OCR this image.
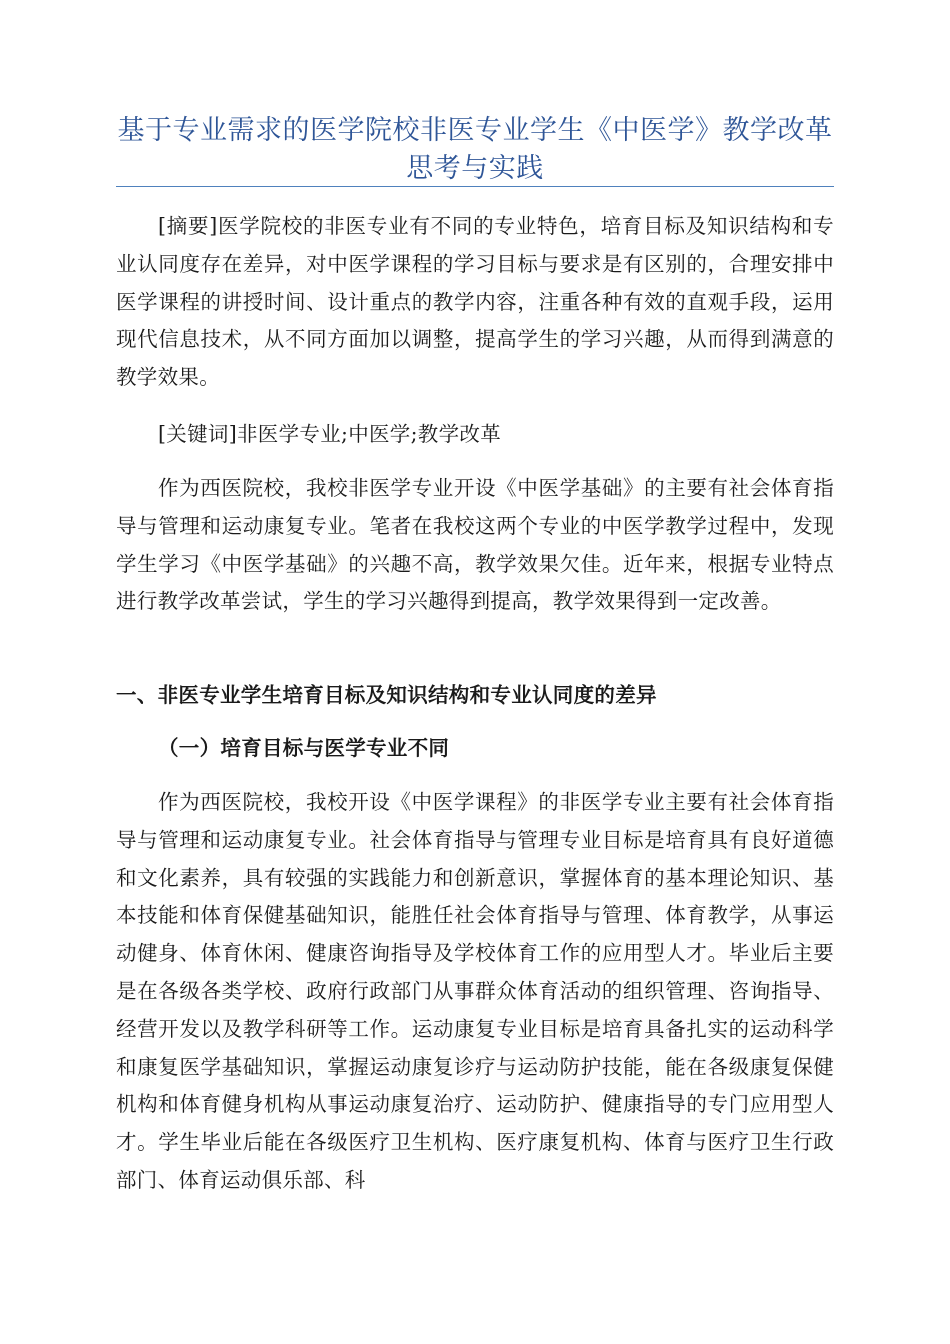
基于专业需求的医学院校非医专业学生《中医学》教学改革思考与实践

[摘要]医学院校的非医专业有不同的专业特色，培育目标及知识结构和专业认同度存在差异，对中医学课程的学习目标与要求是有区别的，合理安排中医学课程的讲授时间、设计重点的教学内容，注重各种有效的直观手段，运用现代信息技术，从不同方面加以调整，提高学生的学习兴趣，从而得到满意的教学效果。

[关键词]非医学专业;中医学;教学改革

作为西医院校，我校非医学专业开设《中医学基础》的主要有社会体育指导与管理和运动康复专业。笔者在我校这两个专业的中医学教学过程中，发现学生学习《中医学基础》的兴趣不高，教学效果欠佳。近年来，根据专业特点进行教学改革尝试，学生的学习兴趣得到提高，教学效果得到一定改善。

一、非医专业学生培育目标及知识结构和专业认同度的差异
（一）培育目标与医学专业不同

作为西医院校，我校开设《中医学课程》的非医学专业主要有社会体育指导与管理和运动康复专业。社会体育指导与管理专业目标是培育具有良好道德和文化素养，具有较强的实践能力和创新意识，掌握体育的基本理论知识、基本技能和体育保健基础知识，能胜任社会体育指导与管理、体育教学，从事运动健身、体育休闲、健康咨询指导及学校体育工作的应用型人才。毕业后主要是在各级各类学校、政府行政部门从事群众体育活动的组织管理、咨询指导、经营开发以及教学科研等工作。运动康复专业目标是培育具备扎实的运动科学和康复医学基础知识，掌握运动康复诊疗与运动防护技能，能在各级康复保健机构和体育健身机构从事运动康复治疗、运动防护、健康指导的专门应用型人才。学生毕业后能在各级医疗卫生机构、医疗康复机构、体育与医疗卫生行政部门、体育运动俱乐部、科
